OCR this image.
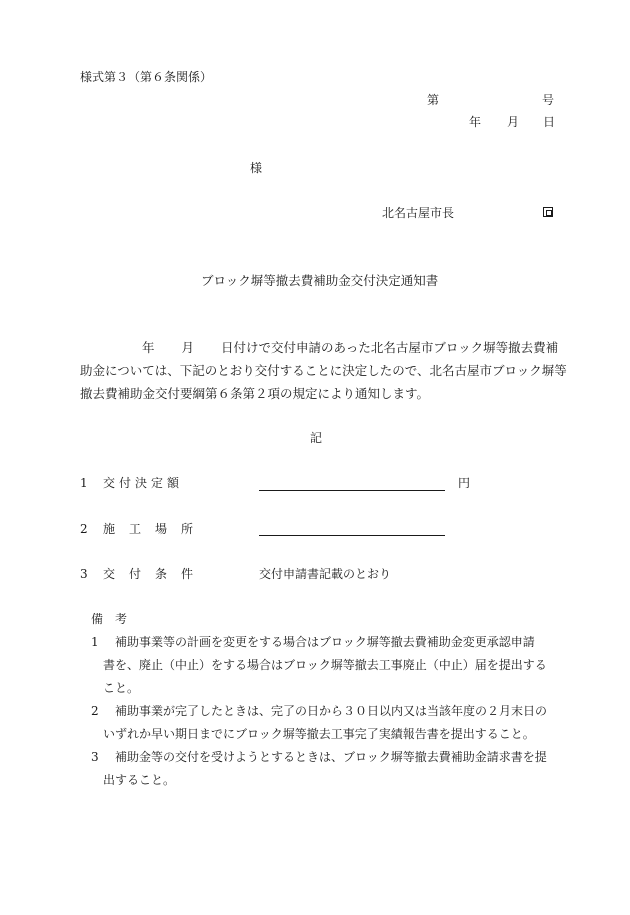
様式第３（第６条関係）
第	号
年 月 日
様
北名古屋市長
ブロック塀等撤去費補助金交付決定通知書
年 月 日付けで交付申請のあった北名古屋市ブロック塀等撤去費補
助金については、下記のとおり交付することに決定したので、北名古屋市ブロック塀等
撤去費補助金交付要綱第６条第２項の規定により通知します。
記
1 交付決定額	円
2 施工場所
3 交付条件	交付申請書記載のとおり
備　考
1 補助事業等の計画を変更をする場合はブロック塀等撤去費補助金変更承認申請
書を、廃止（中止）をする場合はブロック塀等撤去工事廃止（中止）届を提出する
こと。
2 補助事業が完了したときは、完了の日から３０日以内又は当該年度の２月末日の
いずれか早い期日までにブロック塀等撤去工事完了実績報告書を提出すること。
3 補助金等の交付を受けようとするときは、ブロック塀等撤去費補助金請求書を提
出すること。
